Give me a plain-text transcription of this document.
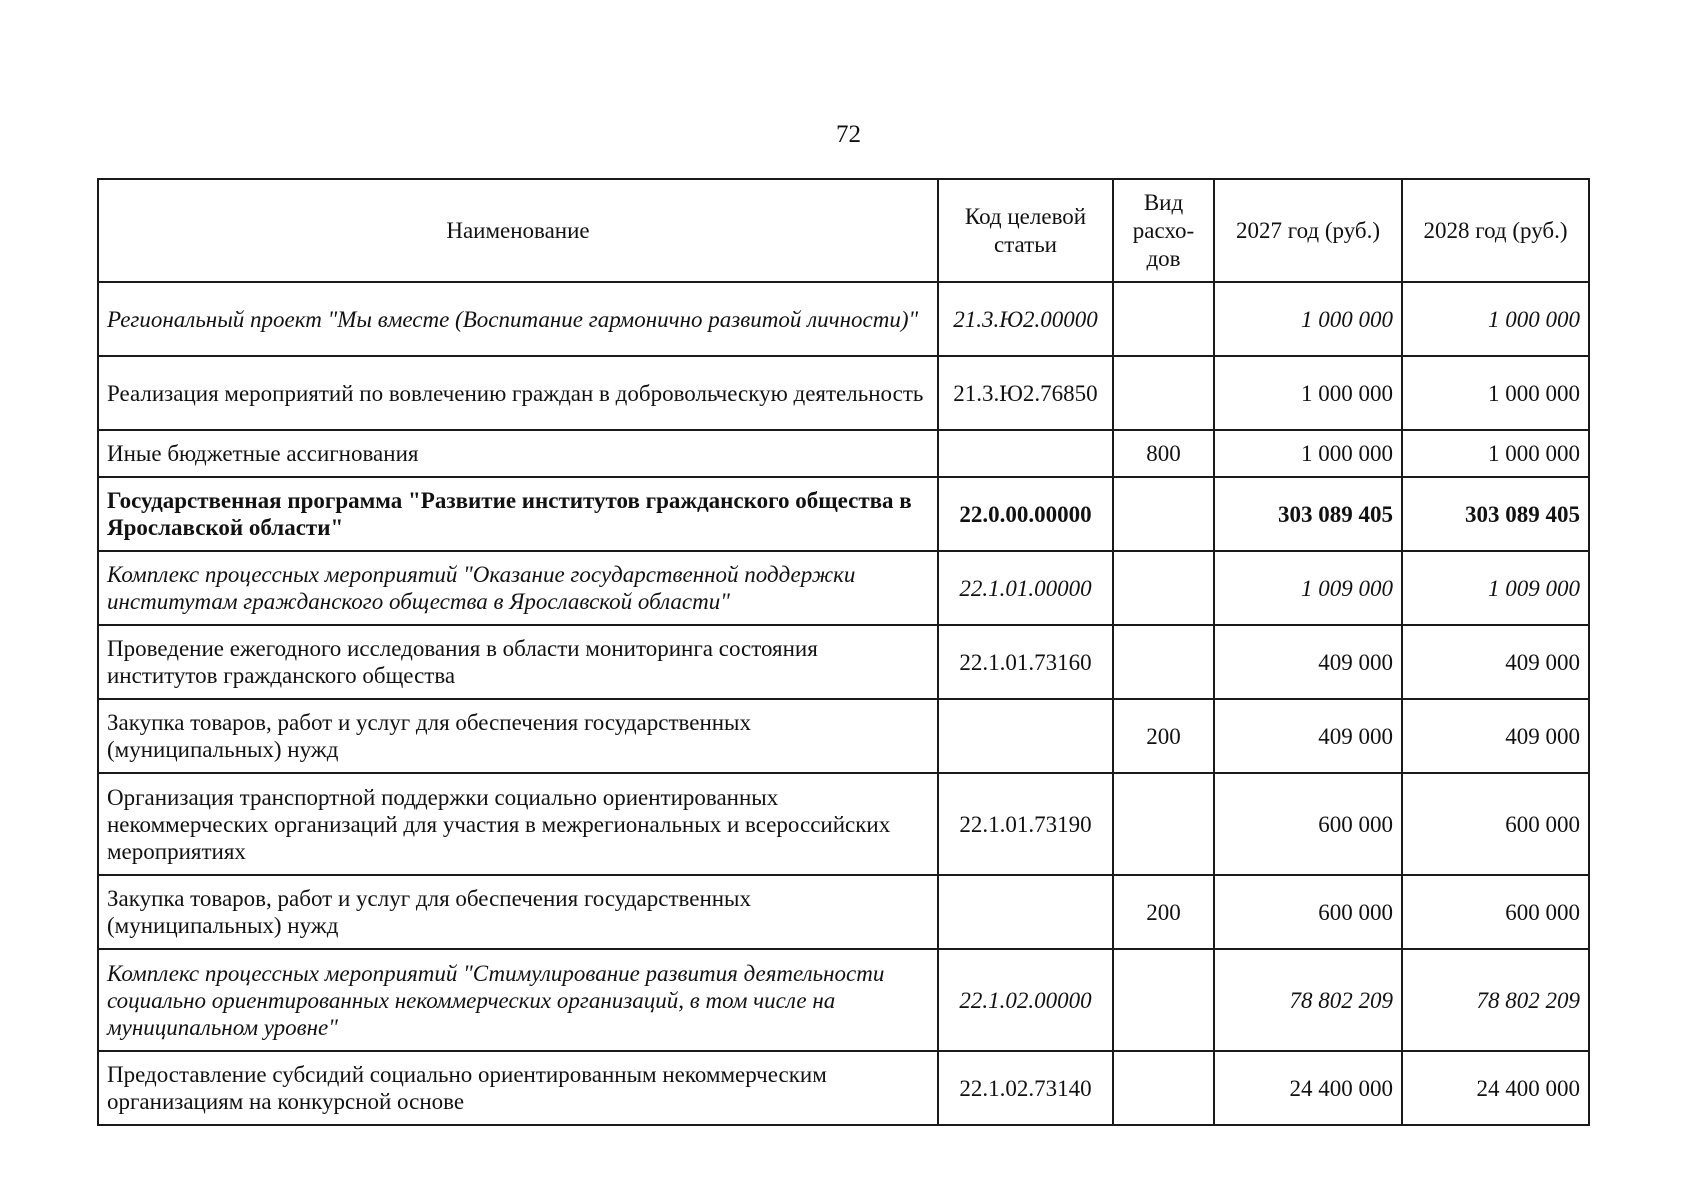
72
Наименование	Код целевой статьи	Вид расхо-дов	2027 год (руб.)	2028 год (руб.)
Региональный проект "Мы вместе (Воспитание гармонично развитой личности)"	21.3.Ю2.00000		1 000 000	1 000 000
Реализация мероприятий по вовлечению граждан в добровольческую деятельность	21.3.Ю2.76850		1 000 000	1 000 000
Иные бюджетные ассигнования		800	1 000 000	1 000 000
Государственная программа "Развитие институтов гражданского общества в Ярославской области"	22.0.00.00000		303 089 405	303 089 405
Комплекс процессных мероприятий "Оказание государственной поддержки институтам гражданского общества в Ярославской области"	22.1.01.00000		1 009 000	1 009 000
Проведение ежегодного исследования в области мониторинга состояния институтов гражданского общества	22.1.01.73160		409 000	409 000
Закупка товаров, работ и услуг для обеспечения государственных (муниципальных) нужд		200	409 000	409 000
Организация транспортной поддержки социально ориентированных некоммерческих организаций для участия в межрегиональных и всероссийских мероприятиях	22.1.01.73190		600 000	600 000
Закупка товаров, работ и услуг для обеспечения государственных (муниципальных) нужд		200	600 000	600 000
Комплекс процессных мероприятий "Стимулирование развития деятельности социально ориентированных некоммерческих организаций, в том числе на муниципальном уровне"	22.1.02.00000		78 802 209	78 802 209
Предоставление субсидий социально ориентированным некоммерческим организациям на конкурсной основе	22.1.02.73140		24 400 000	24 400 000
